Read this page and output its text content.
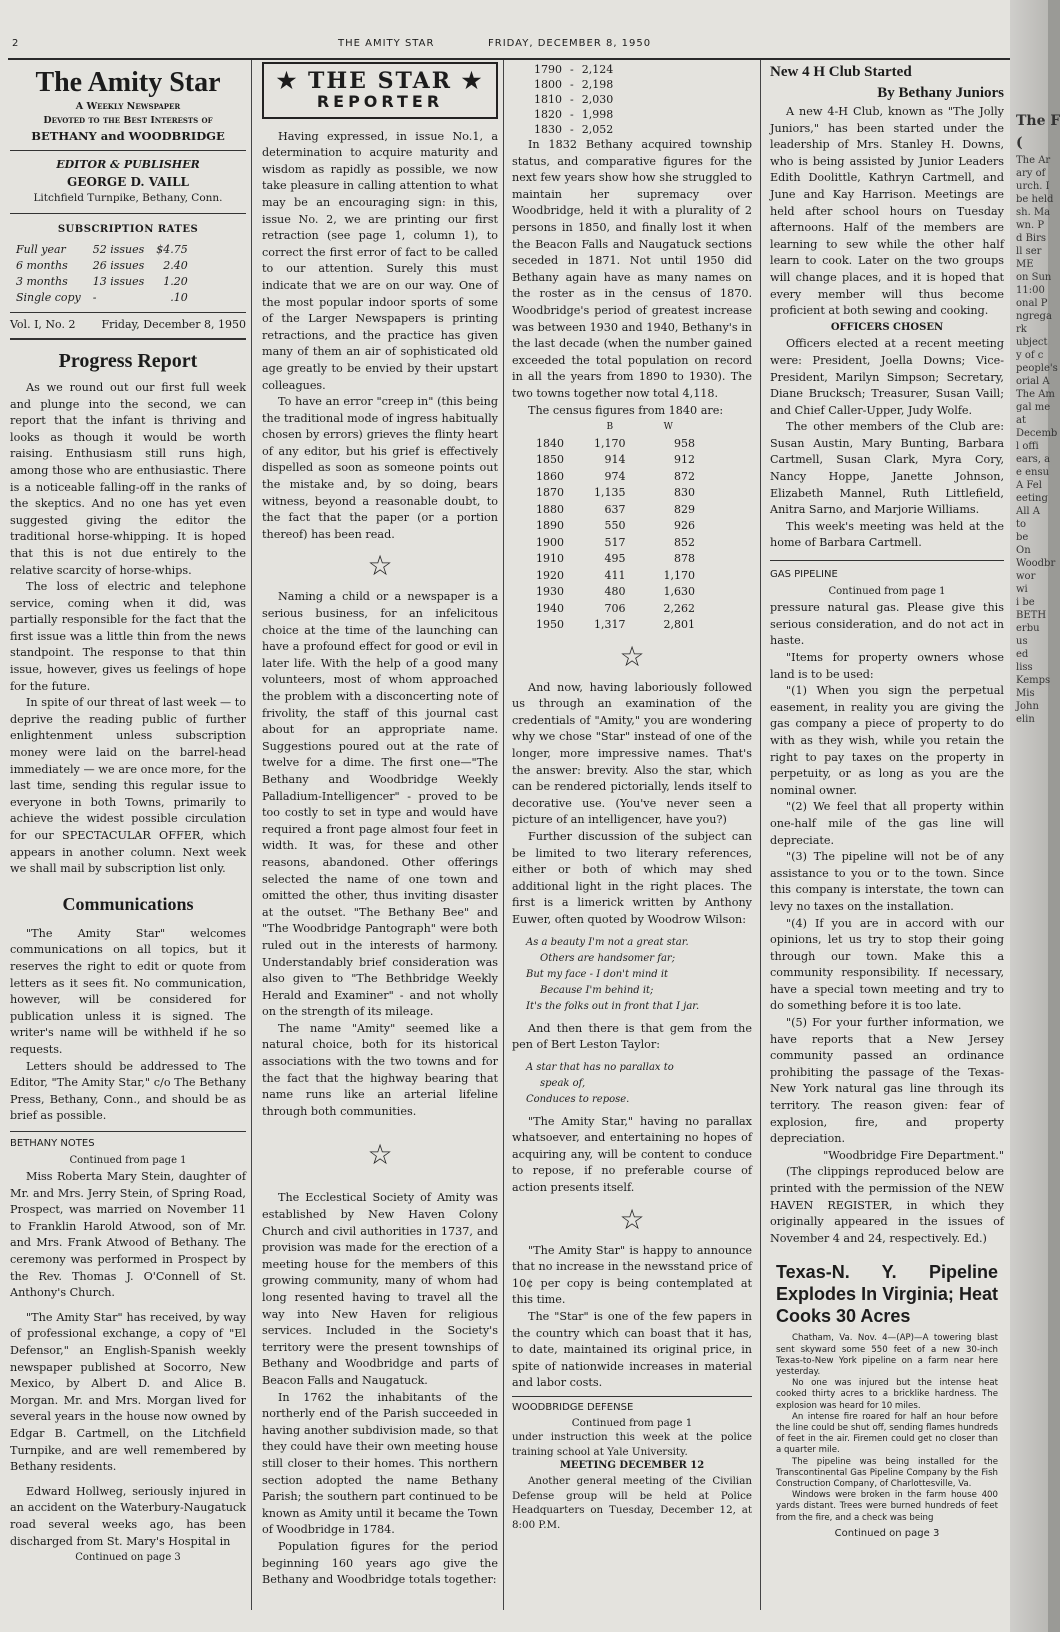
2	THE AMITY STAR	FRIDAY, DECEMBER 8, 1950
The Amity Star
A Weekly Newspaper
Devoted to the Best Interests of
BETHANY and WOODBRIDGE
EDITOR & PUBLISHER
GEORGE D. VAILL
Litchfield Turnpike, Bethany, Conn.
SUBSCRIPTION RATES
Full year	52 issues	$4.75
6 months	26 issues	2.40
3 months	13 issues	1.20
Single copy	-	.10
Vol. I, No. 2 Friday, December 8, 1950
Progress Report

As we round out our first full week and plunge into the second, we can report that the infant is thriving and looks as though it would be worth raising. Enthusiasm still runs high, among those who are enthusiastic. There is a noticeable falling-off in the ranks of the skeptics. And no one has yet even suggested giving the editor the traditional horse-whipping. It is hoped that this is not due entirely to the relative scarcity of horse-whips.

The loss of electric and telephone service, coming when it did, was partially responsible for the fact that the first issue was a little thin from the news standpoint. The response to that thin issue, however, gives us feelings of hope for the future.

In spite of our threat of last week — to deprive the reading public of further enlightenment unless subscription money were laid on the barrel-head immediately — we are once more, for the last time, sending this regular issue to everyone in both Towns, primarily to achieve the widest possible circulation for our SPECTACULAR OFFER, which appears in another column. Next week we shall mail by subscription list only.

Communications

"The Amity Star" welcomes communications on all topics, but it reserves the right to edit or quote from letters as it sees fit. No communication, however, will be considered for publication unless it is signed. The writer's name will be withheld if he so requests.

Letters should be addressed to The Editor, "The Amity Star," c/o The Bethany Press, Bethany, Conn., and should be as brief as possible.

BETHANY NOTES
Continued from page 1

Miss Roberta Mary Stein, daughter of Mr. and Mrs. Jerry Stein, of Spring Road, Prospect, was married on November 11 to Franklin Harold Atwood, son of Mr. and Mrs. Frank Atwood of Bethany. The ceremony was performed in Prospect by the Rev. Thomas J. O'Connell of St. Anthony's Church.

"The Amity Star" has received, by way of professional exchange, a copy of "El Defensor," an English-Spanish weekly newspaper published at Socorro, New Mexico, by Albert D. and Alice B. Morgan. Mr. and Mrs. Morgan lived for several years in the house now owned by Edgar B. Cartmell, on the Litchfield Turnpike, and are well remembered by Bethany residents.

Edward Hollweg, seriously injured in an accident on the Waterbury-Naugatuck road several weeks ago, has been discharged from St. Mary's Hospital in

Continued on page 3
★ THE STAR ★
REPORTER

Having expressed, in issue No.1, a determination to acquire maturity and wisdom as rapidly as possible, we now take pleasure in calling attention to what may be an encouraging sign: in this, issue No. 2, we are printing our first retraction (see page 1, column 1), to correct the first error of fact to be called to our attention. Surely this must indicate that we are on our way. One of the most popular indoor sports of some of the Larger Newspapers is printing retractions, and the practice has given many of them an air of sophisticated old age greatly to be envied by their upstart colleagues.

To have an error "creep in" (this being the traditional mode of ingress habitually chosen by errors) grieves the flinty heart of any editor, but his grief is effectively dispelled as soon as someone points out the mistake and, by so doing, bears witness, beyond a reasonable doubt, to the fact that the paper (or a portion thereof) has been read.

☆

Naming a child or a newspaper is a serious business, for an infelicitous choice at the time of the launching can have a profound effect for good or evil in later life. With the help of a good many volunteers, most of whom approached the problem with a disconcerting note of frivolity, the staff of this journal cast about for an appropriate name. Suggestions poured out at the rate of twelve for a dime. The first one—"The Bethany and Woodbridge Weekly Palladium-Intelligencer" - proved to be too costly to set in type and would have required a front page almost four feet in width. It was, for these and other reasons, abandoned. Other offerings selected the name of one town and omitted the other, thus inviting disaster at the outset. "The Bethany Bee" and "The Woodbridge Pantograph" were both ruled out in the interests of harmony. Understandably brief consideration was also given to "The Bethbridge Weekly Herald and Examiner" - and not wholly on the strength of its mileage.

The name "Amity" seemed like a natural choice, both for its historical associations with the two towns and for the fact that the highway bearing that name runs like an arterial lifeline through both communities.

☆

The Ecclestical Society of Amity was established by New Haven Colony Church and civil authorities in 1737, and provision was made for the erection of a meeting house for the members of this growing community, many of whom had long resented having to travel all the way into New Haven for religious services. Included in the Society's territory were the present townships of Bethany and Woodbridge and parts of Beacon Falls and Naugatuck.

In 1762 the inhabitants of the northerly end of the Parish succeeded in having another subdivision made, so that they could have their own meeting house still closer to their homes. This northern section adopted the name Bethany Parish; the southern part continued to be known as Amity until it became the Town of Woodbridge in 1784.

Population figures for the period beginning 160 years ago give the Bethany and Woodbridge totals together:

1790	-	2,124
1800	-	2,198
1810	-	2,030
1820	-	1,998
1830	-	2,052

In 1832 Bethany acquired township status, and comparative figures for the next few years show how she struggled to maintain her supremacy over Woodbridge, held it with a plurality of 2 persons in 1850, and finally lost it when the Beacon Falls and Naugatuck sections seceded in 1871. Not until 1950 did Bethany again have as many names on the roster as in the census of 1870. Woodbridge's period of greatest increase was between 1930 and 1940, Bethany's in the last decade (when the number gained exceeded the total population on record in all the years from 1890 to 1930). The two towns together now total 4,118.

The census figures from 1840 are:

	B	W
1840	1,170	958
1850	914	912
1860	974	872
1870	1,135	830
1880	637	829
1890	550	926
1900	517	852
1910	495	878
1920	411	1,170
1930	480	1,630
1940	706	2,262
1950	1,317	2,801
☆

And now, having laboriously followed us through an examination of the credentials of "Amity," you are wondering why we chose "Star" instead of one of the longer, more impressive names. That's the answer: brevity. Also the star, which can be rendered pictorially, lends itself to decorative use. (You've never seen a picture of an intelligencer, have you?)

Further discussion of the subject can be limited to two literary references, either or both of which may shed additional light in the right places. The first is a limerick written by Anthony Euwer, often quoted by Woodrow Wilson:

As a beauty I'm not a great star.
Others are handsomer far;
But my face - I don't mind it
Because I'm behind it;
It's the folks out in front that I jar.

And then there is that gem from the pen of Bert Leston Taylor:

A star that has no parallax to
speak of,
Conduces to repose.

"The Amity Star," having no parallax whatsoever, and entertaining no hopes of acquiring any, will be content to conduce to repose, if no preferable course of action presents itself.

☆

"The Amity Star" is happy to announce that no increase in the newsstand price of 10¢ per copy is being contemplated at this time.

The "Star" is one of the few papers in the country which can boast that it has, to date, maintained its original price, in spite of nationwide increases in material and labor costs.

WOODBRIDGE DEFENSE
Continued from page 1

under instruction this week at the police training school at Yale University.

MEETING DECEMBER 12

Another general meeting of the Civilian Defense group will be held at Police Headquarters on Tuesday, December 12, at 8:00 P.M.

New 4 H Club Started
By Bethany Juniors

A new 4-H Club, known as "The Jolly Juniors," has been started under the leadership of Mrs. Stanley H. Downs, who is being assisted by Junior Leaders Edith Doolittle, Kathryn Cartmell, and June and Kay Harrison. Meetings are held after school hours on Tuesday afternoons. Half of the members are learning to sew while the other half learn to cook. Later on the two groups will change places, and it is hoped that every member will thus become proficient at both sewing and cooking.

OFFICERS CHOSEN

Officers elected at a recent meeting were: President, Joella Downs; Vice-President, Marilyn Simpson; Secretary, Diane Brucksch; Treasurer, Susan Vaill; and Chief Caller-Upper, Judy Wolfe.

The other members of the Club are: Susan Austin, Mary Bunting, Barbara Cartmell, Susan Clark, Myra Cory, Nancy Hoppe, Janette Johnson, Elizabeth Mannel, Ruth Littlefield, Anitra Sarno, and Marjorie Williams.

This week's meeting was held at the home of Barbara Cartmell.

GAS PIPELINE
Continued from page 1

pressure natural gas. Please give this serious consideration, and do not act in haste.

"Items for property owners whose land is to be used:

"(1) When you sign the perpetual easement, in reality you are giving the gas company a piece of property to do with as they wish, while you retain the right to pay taxes on the property in perpetuity, or as long as you are the nominal owner.

"(2) We feel that all property within one-half mile of the gas line will depreciate.

"(3) The pipeline will not be of any assistance to you or to the town. Since this company is interstate, the town can levy no taxes on the installation.

"(4) If you are in accord with our opinions, let us try to stop their going through our town. Make this a community responsibility. If necessary, have a special town meeting and try to do something before it is too late.

"(5) For your further information, we have reports that a New Jersey community passed an ordinance prohibiting the passage of the Texas-New York natural gas line through its territory. The reason given: fear of explosion, fire, and property depreciation.

"Woodbridge Fire Department."

(The clippings reproduced below are printed with the permission of the NEW HAVEN REGISTER, in which they originally appeared in the issues of November 4 and 24, respectively. Ed.)

Texas-N. Y. Pipeline Explodes In Virginia; Heat Cooks 30 Acres

Chatham, Va. Nov. 4—(AP)—A towering blast sent skyward some 550 feet of a new 30-inch Texas-to-New York pipeline on a farm near here yesterday.

No one was injured but the intense heat cooked thirty acres to a bricklike hardness. The explosion was heard for 10 miles.

An intense fire roared for half an hour before the line could be shut off, sending flames hundreds of feet in the air. Firemen could get no closer than a quarter mile.

The pipeline was being installed for the Transcontinental Gas Pipeline Company by the Fish Construction Company, of Charlottesville, Va.

Windows were broken in the farm house 400 yards distant. Trees were burned hundreds of feet from the fire, and a check was being

Continued on page 3
The F
(
The Ar
ary of
urch. I
be held
sh. Ma
wn. P
d Birs
ll ser
ME
on Sun
11:00
onal P
ngrega
rk
ubject
y of c
people's
orial A
The Am
gal me
at
Decemb
l offi
ears, a
e ensu
A Fel
eeting
All A
to
be
On
Woodbr
wor
wi
i be
BETH
erbu
us
ed
liss
Kemps
Mis
John
elin
